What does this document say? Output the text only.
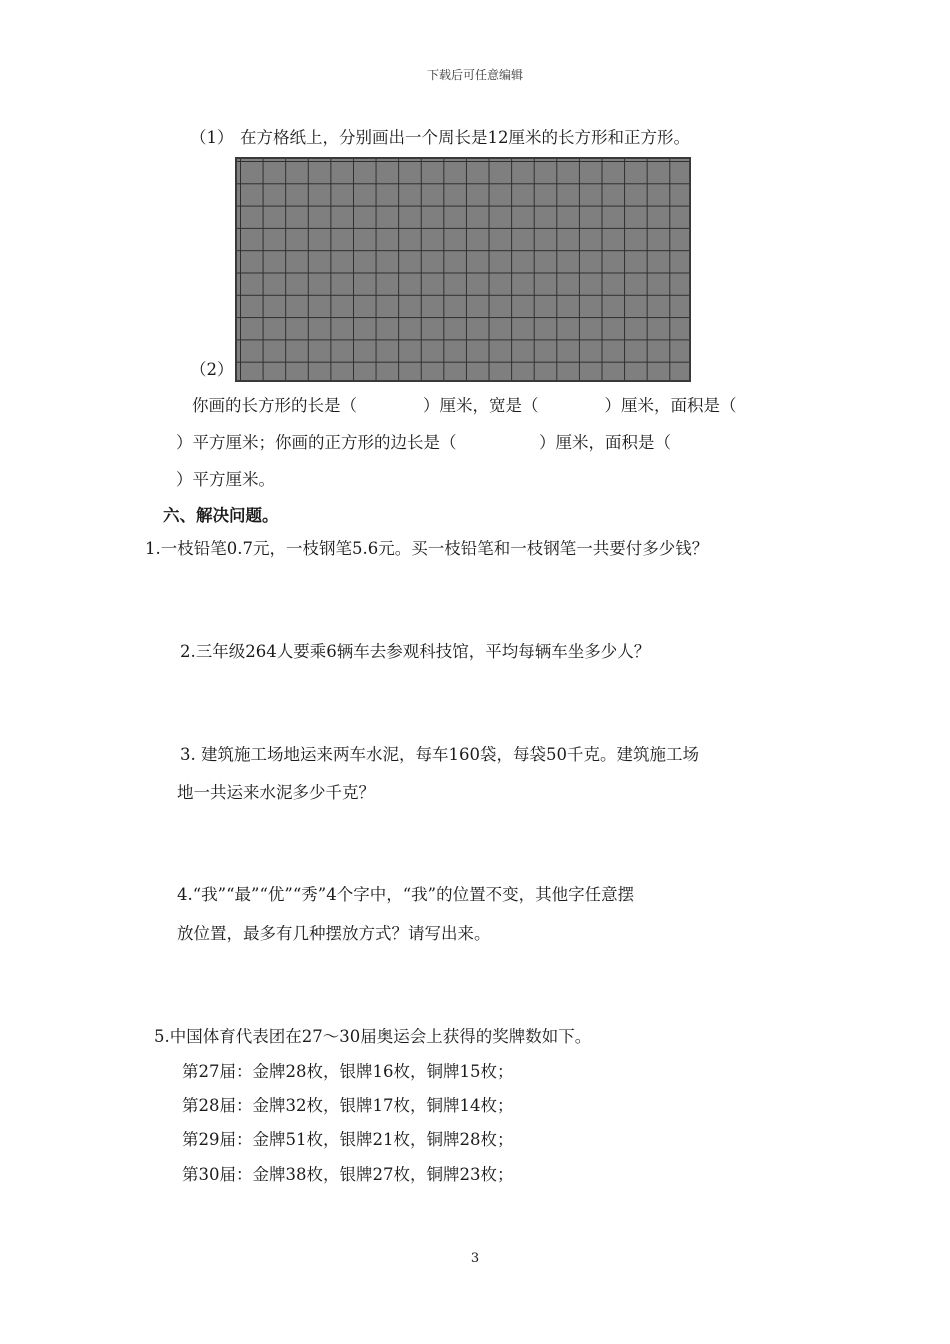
下载后可任意编辑
（1） 在方格纸上，分别画出一个周长是12厘米的长方形和正方形。
（2）
你画的长方形的长是（　　　　）厘米，宽是（　　　　）厘米，面积是（
）平方厘米；你画的正方形的边长是（　　　　　）厘米，面积是（
）平方厘米。
六、解决问题。
1.一枝铅笔0.7元，一枝钢笔5.6元。买一枝铅笔和一枝钢笔一共要付多少钱？
2.三年级264人要乘6辆车去参观科技馆，平均每辆车坐多少人？
3. 建筑施工场地运来两车水泥，每车160袋，每袋50千克。建筑施工场
地一共运来水泥多少千克？
4.“我”“最”“优”“秀”4个字中，“我”的位置不变，其他字任意摆
放位置，最多有几种摆放方式？请写出来。
5.中国体育代表团在27～30届奥运会上获得的奖牌数如下。
第27届：金牌28枚，银牌16枚，铜牌15枚；
第28届：金牌32枚，银牌17枚，铜牌14枚；
第29届：金牌51枚，银牌21枚，铜牌28枚；
第30届：金牌38枚，银牌27枚，铜牌23枚；
3
